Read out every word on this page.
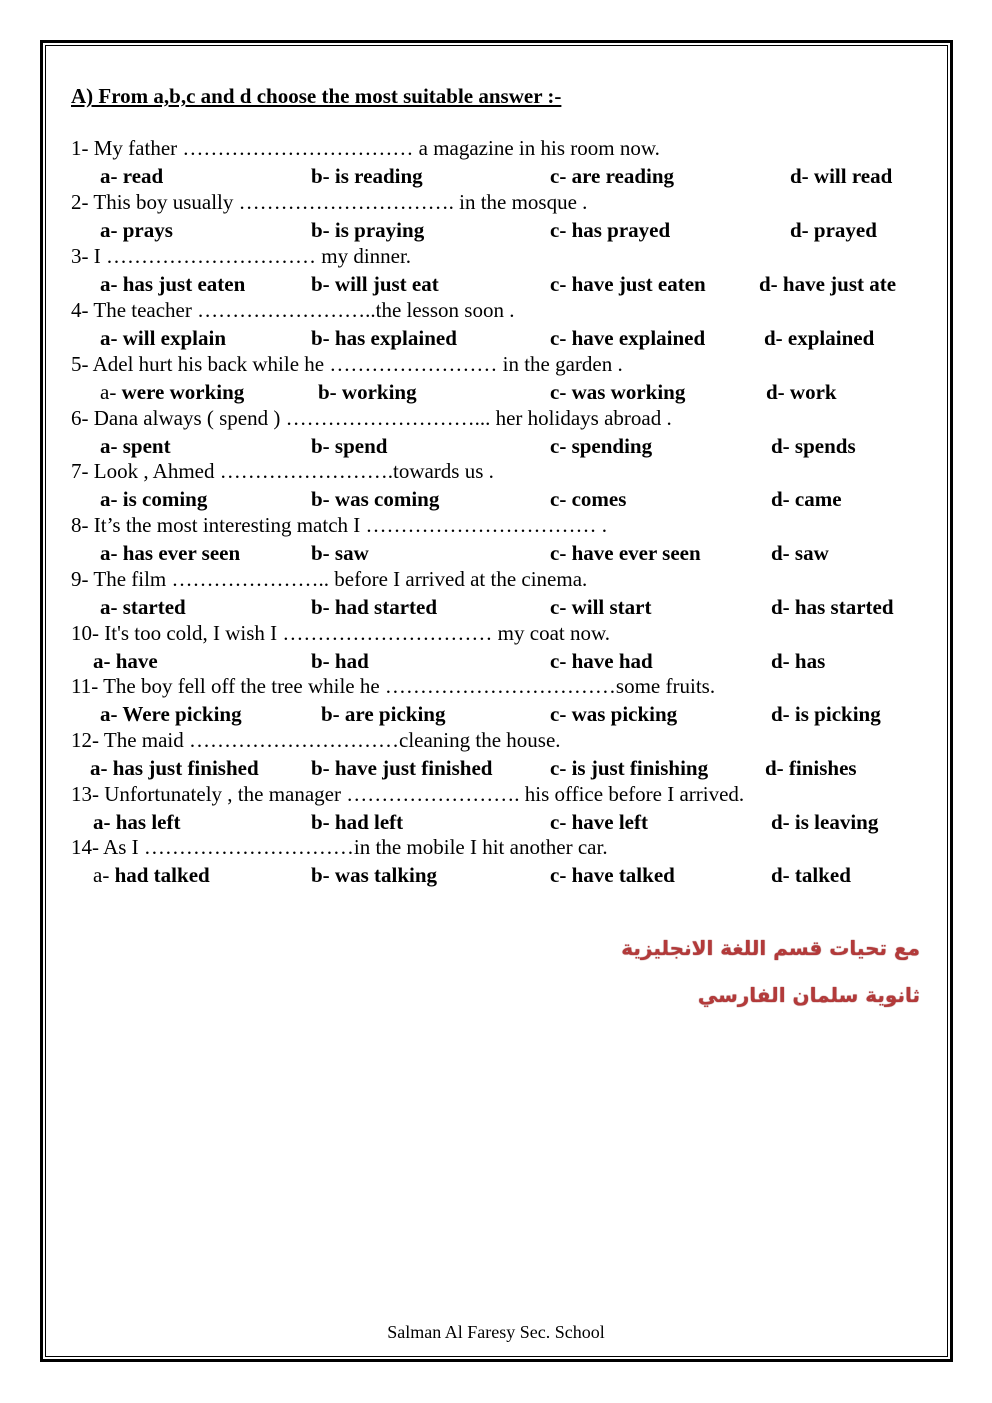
A) From a,b,c and d choose the most suitable answer :-
1- My father …………………………… a magazine in his room now.
a- read	b- is reading	c- are reading	d- will read
2- This boy usually …………………………. in the mosque .
a- prays	b- is praying	c- has prayed	d- prayed
3- I ………………………… my dinner.
a- has just eaten	b- will just eat	c- have just eaten	d- have just ate
4- The teacher ……………………..the lesson soon .
a- will explain	b- has explained	c- have explained	d- explained
5- Adel hurt his back while he …………………… in the garden .
a- were working	b- working	c- was working	d- work
6- Dana always ( spend ) ………………………... her holidays abroad .
a- spent	b- spend	c- spending	d- spends
7- Look , Ahmed …………………….towards us .
a- is coming	b- was coming	c- comes	d- came
8- It’s the most interesting match I …………………………… .
a- has ever seen	b- saw	c- have ever seen	d- saw
9- The film ………………….. before I arrived at the cinema.
a- started	b- had started	c- will start	d- has started
10- It's too cold, I wish I ………………………… my coat now.
a- have	b- had	c- have had	d- has
11- The boy fell off the tree while he ……………………………some fruits.
a- Were picking	b- are picking	c- was picking	d- is picking
12- The maid …………………………cleaning the house.
a- has just finished b- have just finished	c- is just finishing	d- finishes
13- Unfortunately , the manager ……………………. his office before I arrived.
a- has left	b- had left	c- have left	d- is leaving
14- As I …………………………in the mobile I hit another car.
a- had talked	b- was talking	c- have talked	d- talked
مع تحيات قسم اللغة الانجليزية
ثانوية سلمان الفارسي
Salman Al Faresy Sec. School
